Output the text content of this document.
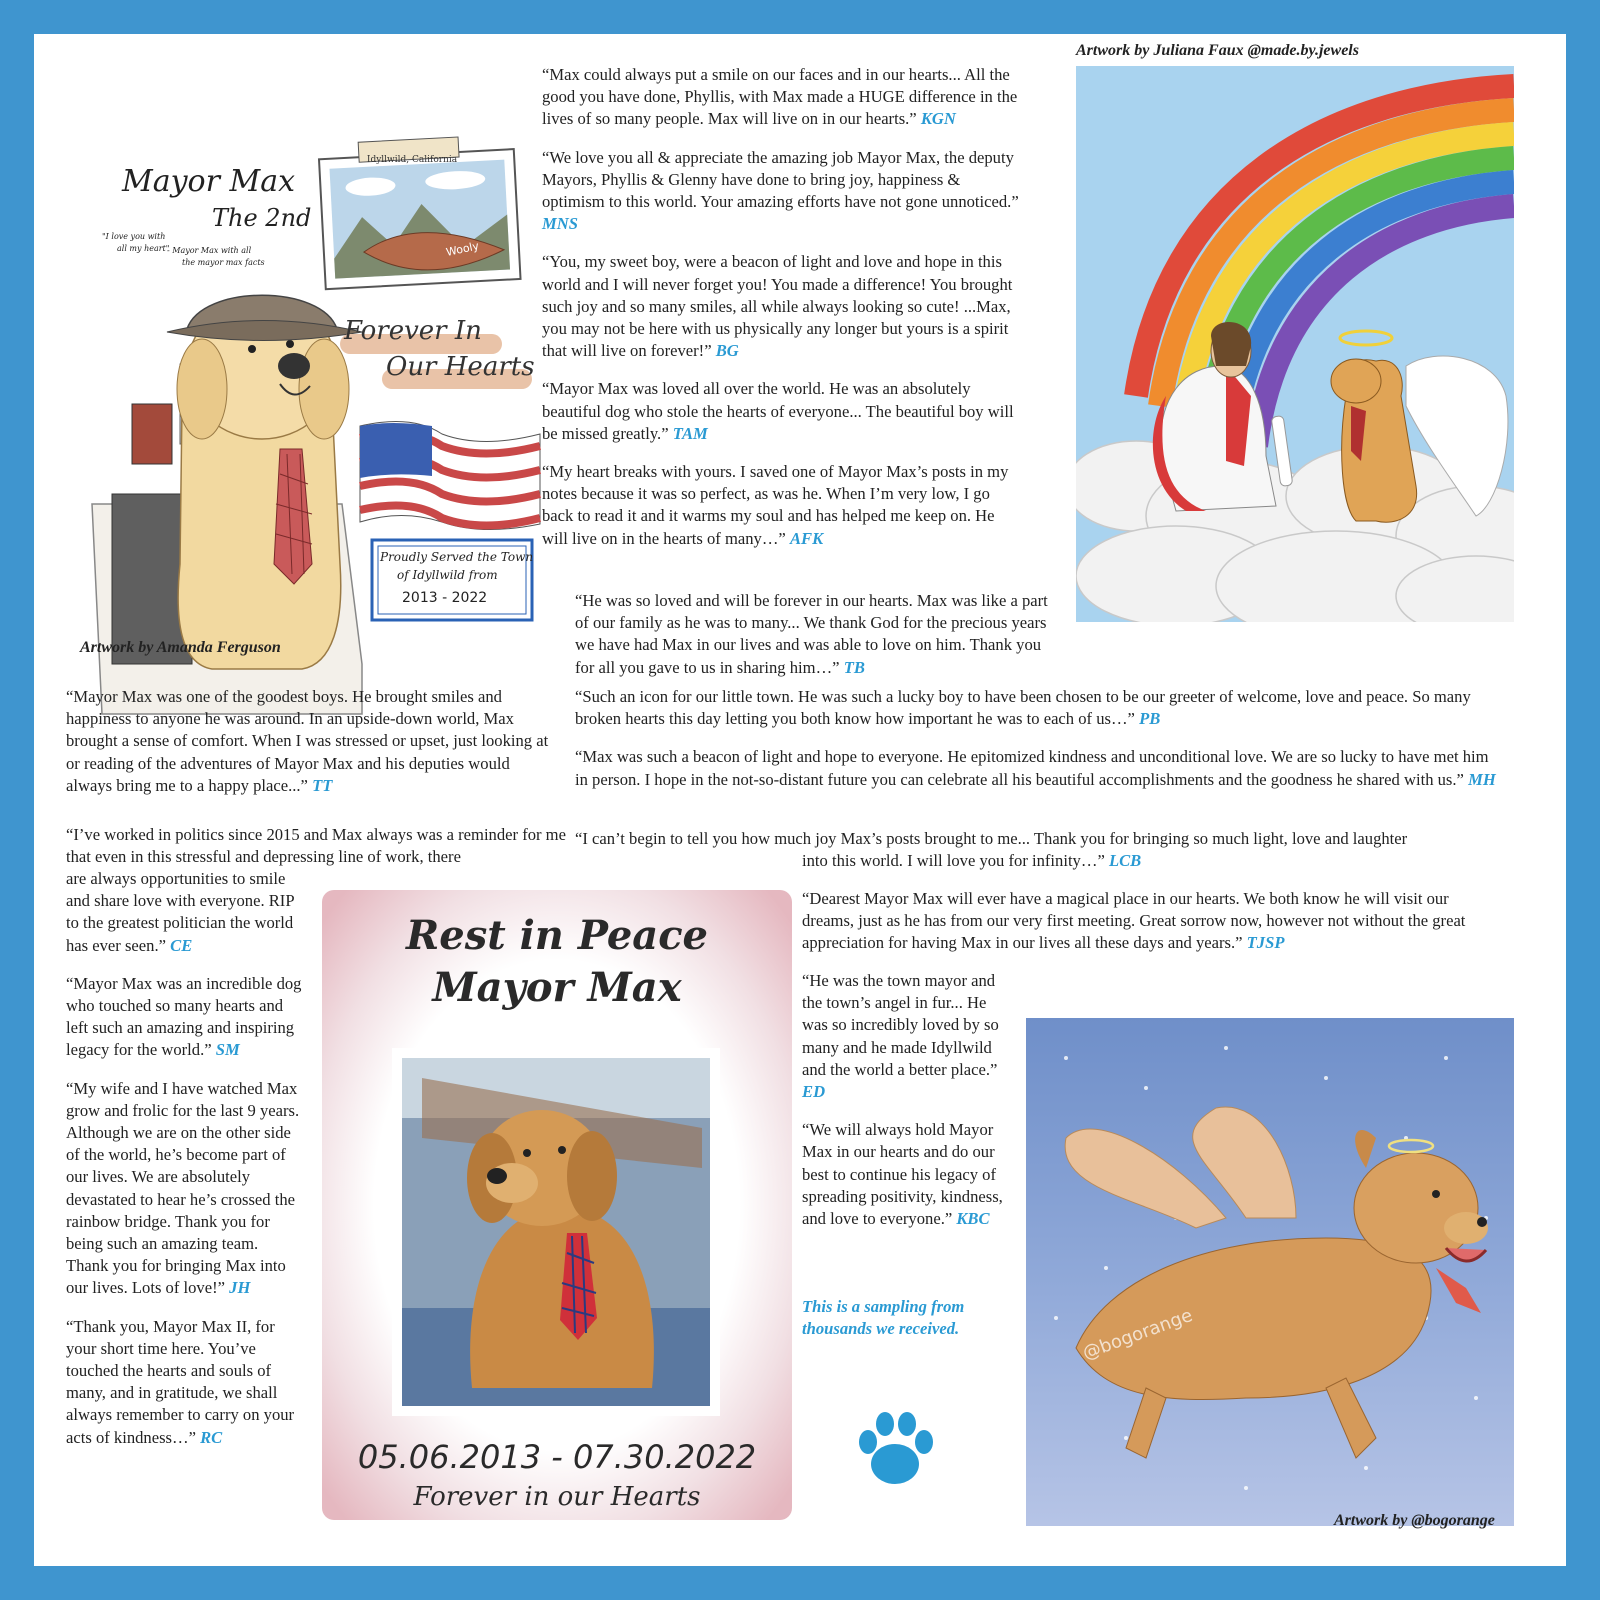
Idyllwild, California
Wooly
Mayor Max
The 2nd
"I love you with
all my heart"
- Mayor Max with all
the mayor max facts
Forever In
Our Hearts
Proudly Served the Town
of Idyllwild from
2013 - 2022
Artwork by Amanda Ferguson

“Max could always put a smile on our faces and in our hearts... All the good you have done, Phyllis, with Max made a HUGE difference in the lives of so many people. Max will live on in our hearts.” KGN

“We love you all & appreciate the amazing job Mayor Max, the deputy Mayors, Phyllis & Glenny have done to bring joy, happiness & optimism to this world. Your amazing efforts have not gone unnoticed.” MNS

“You, my sweet boy, were a beacon of light and love and hope in this world and I will never forget you! You made a difference! You brought such joy and so many smiles, all while always looking so cute! ...Max, you may not be here with us physically any longer but yours is a spirit that will live on forever!” BG

“Mayor Max was loved all over the world. He was an absolutely beautiful dog who stole the hearts of everyone... The beautiful boy will be missed greatly.” TAM

“My heart breaks with yours. I saved one of Mayor Max’s posts in my notes because it was so perfect, as was he. When I’m very low, I go back to read it and it warms my soul and has helped me keep on. He will live on in the hearts of many…” AFK

“He was so loved and will be forever in our hearts. Max was like a part of our family as he was to many... We thank God for the precious years we have had Max in our lives and was able to love on him. Thank you for all you gave to us in sharing him…” TB
Artwork by Juliana Faux @made.by.jewels

“Mayor Max was one of the goodest boys. He brought smiles and happiness to anyone he was around. In an upside-down world, Max brought a sense of comfort. When I was stressed or upset, just looking at or reading of the adventures of Mayor Max and his deputies would always bring me to a happy place...” TT

“I’ve worked in politics since 2015 and Max always was a reminder for me that even in this stressful and depressing line of work, there

are always opportunities to smile and share love with everyone. RIP to the greatest politician the world has ever seen.” CE

“Mayor Max was an incredible dog who touched so many hearts and left such an amazing and inspiring legacy for the world.” SM

“My wife and I have watched Max grow and frolic for the last 9 years. Although we are on the other side of the world, he’s become part of our lives. We are absolutely devastated to hear he’s crossed the rainbow bridge. Thank you for being such an amazing team. Thank you for bringing Max into our lives. Lots of love!” JH

“Thank you, Mayor Max II, for your short time here. You’ve touched the hearts and souls of many, and in gratitude, we shall always remember to carry on your acts of kindness…” RC

Rest in Peace
Mayor Max
05.06.2013 - 07.30.2022
Forever in our Hearts

“Such an icon for our little town. He was such a lucky boy to have been chosen to be our greeter of welcome, love and peace. So many broken hearts this day letting you both know how important he was to each of us…” PB

“Max was such a beacon of light and hope to everyone. He epitomized kindness and unconditional love. We are so lucky to have met him in person. I hope in the not-so-distant future you can celebrate all his beautiful accomplishments and the goodness he shared with us.” MH

“I can’t begin to tell you how much joy Max’s posts brought to me... Thank you for bringing so much light, love and laughter
into this world. I will love you for infinity…” LCB
“Dearest Mayor Max will ever have a magical place in our hearts. We both know he will visit our dreams, just as he has from our very first meeting. Great sorrow now, however not without the great appreciation for having Max in our lives all these days and years.” TJSP

“He was the town mayor and the town’s angel in fur... He was so incredibly loved by so many and he made Idyllwild and the world a better place.” ED

“We will always hold Mayor Max in our hearts and do our best to continue his legacy of spreading positivity, kindness, and love to everyone.” KBC

This is a sampling from thousands we received.	@bogorange
Artwork by @bogorange
